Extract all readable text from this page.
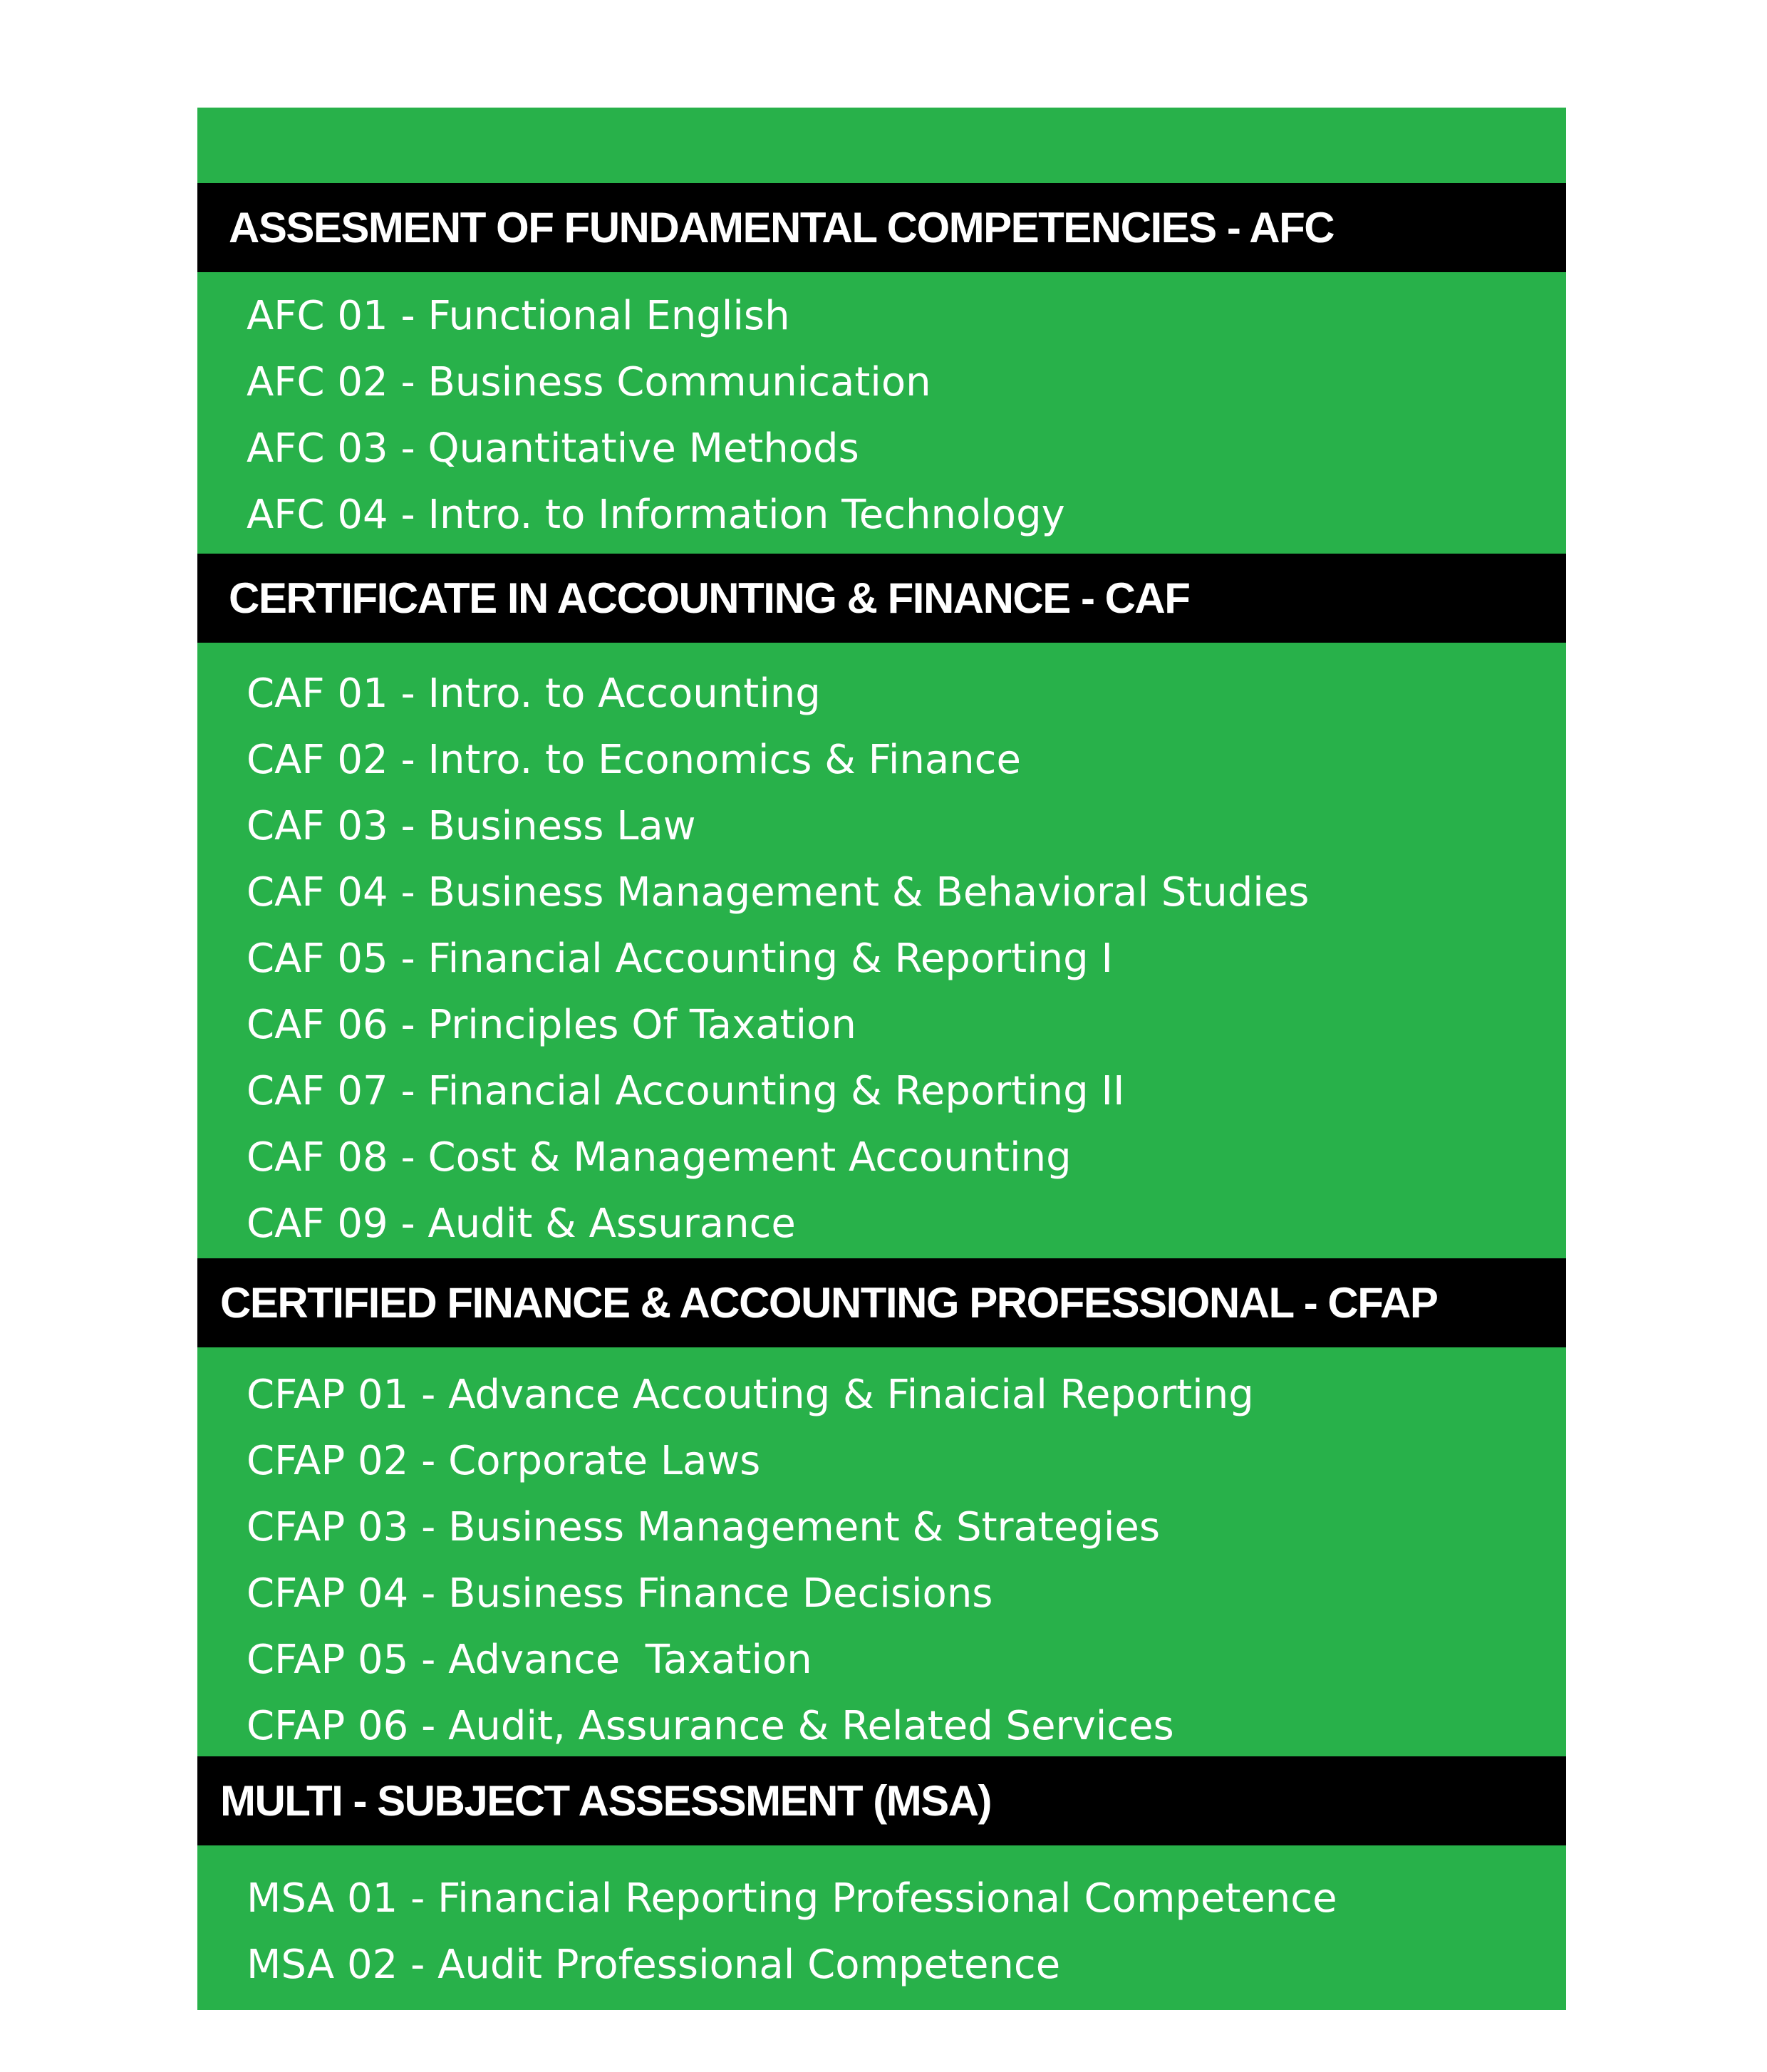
ASSESMENT OF FUNDAMENTAL COMPETENCIES - AFC
AFC 01 - Functional English
AFC 02 - Business Communication
AFC 03 - Quantitative Methods
AFC 04 - Intro. to Information Technology
CERTIFICATE IN ACCOUNTING & FINANCE - CAF
CAF 01 - Intro. to Accounting
CAF 02 - Intro. to Economics & Finance
CAF 03 - Business Law
CAF 04 - Business Management & Behavioral Studies
CAF 05 - Financial Accounting & Reporting I
CAF 06 - Principles Of Taxation
CAF 07 - Financial Accounting & Reporting II
CAF 08 - Cost & Management Accounting
CAF 09 - Audit & Assurance
CERTIFIED FINANCE & ACCOUNTING PROFESSIONAL - CFAP
CFAP 01 - Advance Accouting & Finaicial Reporting
CFAP 02 - Corporate Laws
CFAP 03 - Business Management & Strategies
CFAP 04 - Business Finance Decisions
CFAP 05 - Advance  Taxation
CFAP 06 - Audit, Assurance & Related Services
MULTI - SUBJECT ASSESSMENT (MSA)
MSA 01 - Financial Reporting Professional Competence
MSA 02 - Audit Professional Competence
